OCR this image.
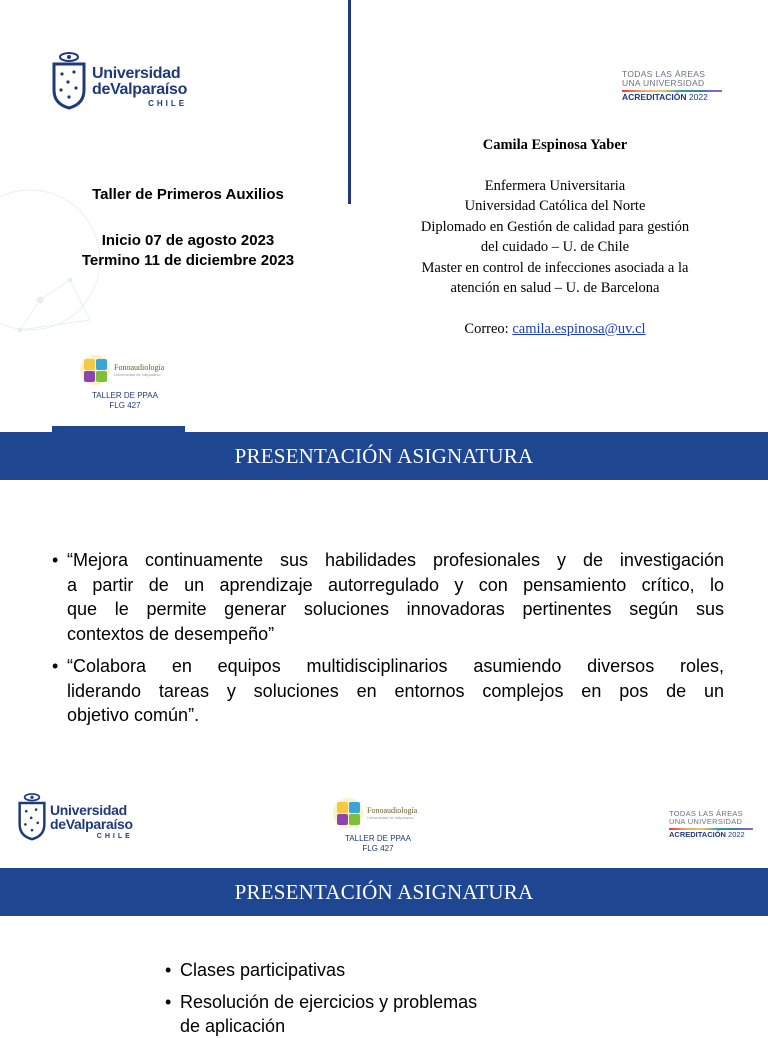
Universidad
deValparaíso
CHILE
TODAS LAS ÁREAS
UNA UNIVERSIDAD
ACREDITACIÓN 2022
Taller de Primeros Auxilios
Inicio 07 de agosto 2023
Termino 11 de diciembre 2023
Camila Espinosa Yaber
Enfermera Universitaria
Universidad Católica del Norte
Diplomado en Gestión de calidad para gestión
del cuidado – U. de Chile
Master en control de infecciones asociada a la
atención en salud – U. de Barcelona
Correo: camila.espinosa@uv.cl
Fonoaudiología
Universidad de Valparaíso
TALLER DE PPAA
FLG 427
PRESENTACIÓN ASIGNATURA
• “Mejora continuamente sus habilidades profesionales y de investigación
a partir de un aprendizaje autorregulado y con pensamiento crítico, lo
que le permite generar soluciones innovadoras pertinentes según sus
contextos de desempeño”
• “Colabora en equipos multidisciplinarios asumiendo diversos roles,
liderando tareas y soluciones en entornos complejos en pos de un
objetivo común”.
Universidad
deValparaíso
CHILE
Fonoaudiología
Universidad de Valparaíso
TALLER DE PPAA
FLG 427
TODAS LAS ÁREAS
UNA UNIVERSIDAD
ACREDITACIÓN 2022
PRESENTACIÓN ASIGNATURA
• Clases participativas
• Resolución de ejercicios y problemas
de aplicación
